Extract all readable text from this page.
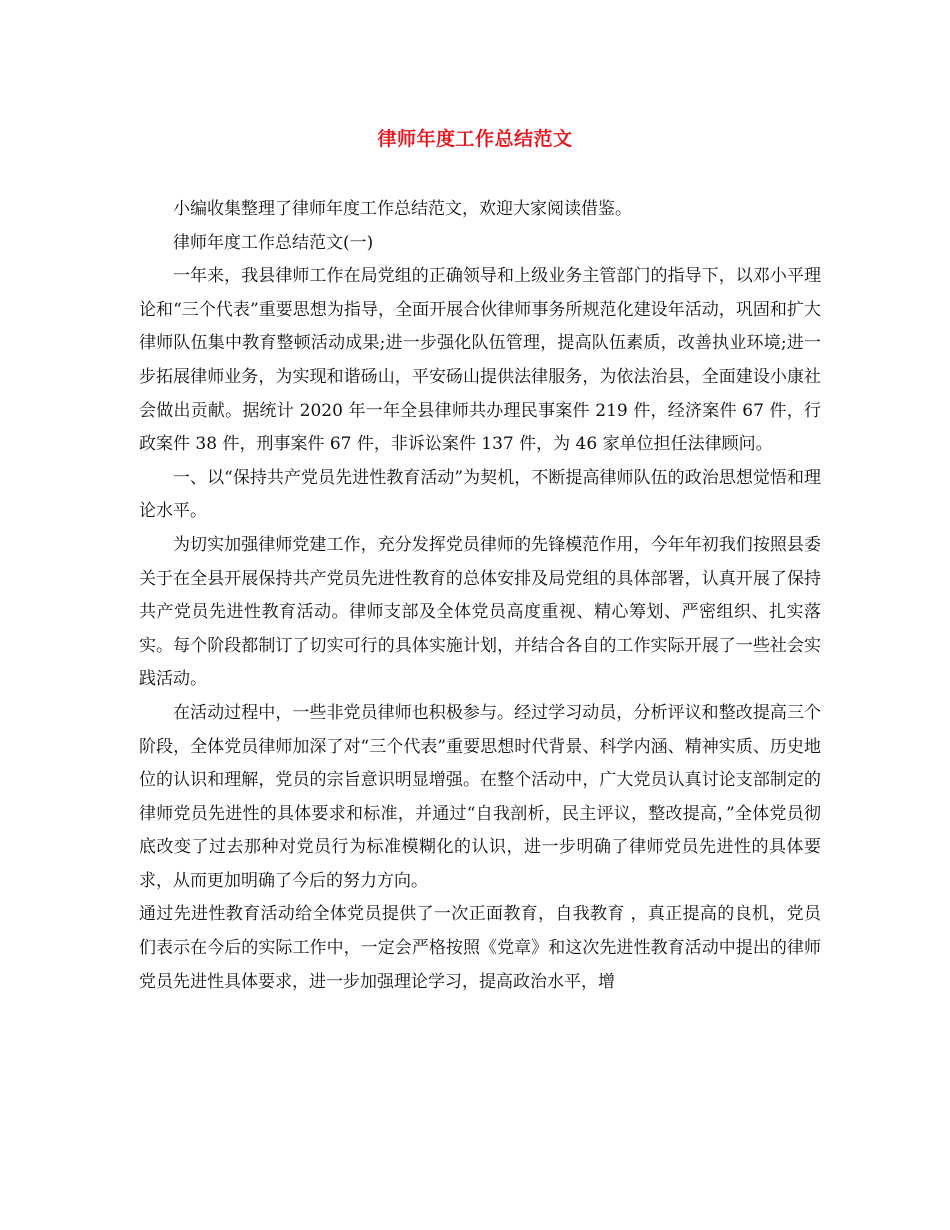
律师年度工作总结范文

小编收集整理了律师年度工作总结范文，欢迎大家阅读借鉴。

律师年度工作总结范文(一)

一年来，我县律师工作在局党组的正确领导和上级业务主管部门的指导下，以邓小平理论和“三个代表”重要思想为指导，全面开展合伙律师事务所规范化建设年活动，巩固和扩大律师队伍集中教育整顿活动成果;进一步强化队伍管理，提高队伍素质，改善执业环境;进一步拓展律师业务，为实现和谐砀山，平安砀山提供法律服务，为依法治县，全面建设小康社会做出贡献。据统计 2020 年一年全县律师共办理民事案件 219 件，经济案件 67 件，行政案件 38 件，刑事案件 67 件，非诉讼案件 137 件，为 46 家单位担任法律顾问。

一、以“保持共产党员先进性教育活动”为契机，不断提高律师队伍的政治思想觉悟和理论水平。

为切实加强律师党建工作，充分发挥党员律师的先锋模范作用，今年年初我们按照县委关于在全县开展保持共产党员先进性教育的总体安排及局党组的具体部署，认真开展了保持共产党员先进性教育活动。律师支部及全体党员高度重视、精心筹划、严密组织、扎实落实。每个阶段都制订了切实可行的具体实施计划，并结合各自的工作实际开展了一些社会实践活动。

在活动过程中，一些非党员律师也积极参与。经过学习动员，分析评议和整改提高三个阶段，全体党员律师加深了对“三个代表”重要思想时代背景、科学内涵、精神实质、历史地位的认识和理解，党员的宗旨意识明显增强。在整个活动中，广大党员认真讨论支部制定的律师党员先进性的具体要求和标准，并通过“自我剖析，民主评议，整改提高，”全体党员彻底改变了过去那种对党员行为标准模糊化的认识，进一步明确了律师党员先进性的具体要求，从而更加明确了今后的努力方向。

通过先进性教育活动给全体党员提供了一次正面教育，自我教育 ，真正提高的良机，党员们表示在今后的实际工作中，一定会严格按照《党章》和这次先进性教育活动中提出的律师党员先进性具体要求，进一步加强理论学习，提高政治水平，增
